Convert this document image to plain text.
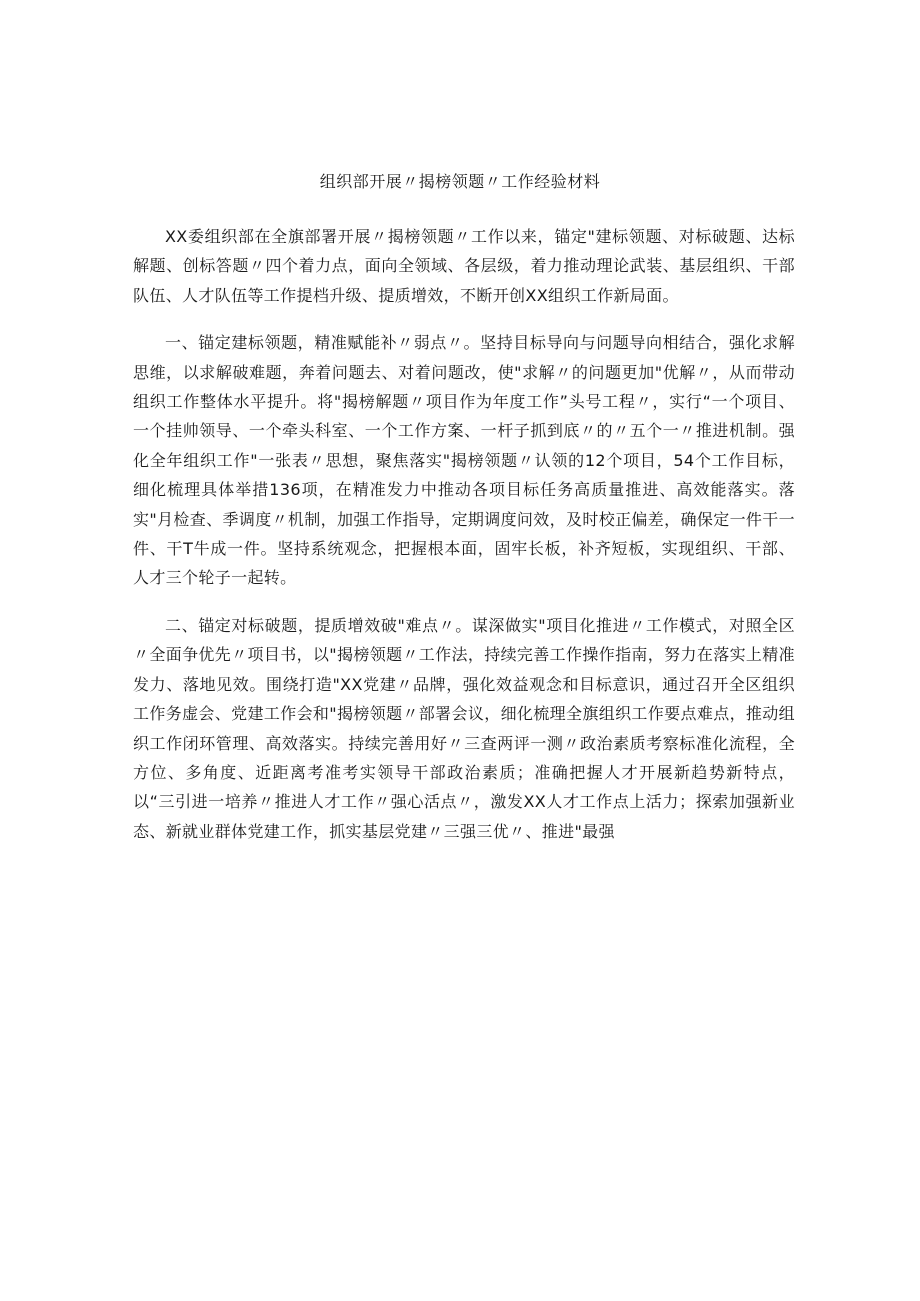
组织部开展〃揭榜领题〃工作经验材料

XX委组织部在全旗部署开展〃揭榜领题〃工作以来，锚定"建标领题、对标破题、达标解题、创标答题〃四个着力点，面向全领域、各层级，着力推动理论武装、基层组织、干部队伍、人才队伍等工作提档升级、提质增效，不断开创XX组织工作新局面。

一、锚定建标领题，精准赋能补〃弱点〃。坚持目标导向与问题导向相结合，强化求解思维，以求解破难题，奔着问题去、对着问题改，使"求解〃的问题更加"优解〃，从而带动组织工作整体水平提升。将"揭榜解题〃项目作为年度工作”头号工程〃，实行“一个项目、一个挂帅领导、一个牵头科室、一个工作方案、一杆子抓到底〃的〃五个一〃推进机制。强化全年组织工作"一张表〃思想，聚焦落实"揭榜领题〃认领的12个项目，54个工作目标，细化梳理具体举措136项，在精准发力中推动各项目标任务高质量推进、高效能落实。落实"月检查、季调度〃机制，加强工作指导，定期调度问效，及时校正偏差，确保定一件干一件、干T牛成一件。坚持系统观念，把握根本面，固牢长板，补齐短板，实现组织、干部、人才三个轮子一起转。

二、锚定对标破题，提质增效破"难点〃。谋深做实"项目化推进〃工作模式，对照全区〃全面争优先〃项目书，以"揭榜领题〃工作法，持续完善工作操作指南，努力在落实上精准发力、落地见效。围绕打造"XX党建〃品牌，强化效益观念和目标意识，通过召开全区组织工作务虚会、党建工作会和"揭榜领题〃部署会议，细化梳理全旗组织工作要点难点，推动组织工作闭环管理、高效落实。持续完善用好〃三查两评一测〃政治素质考察标准化流程，全方位、多角度、近距离考准考实领导干部政治素质；准确把握人才开展新趋势新特点，以“三引进一培养〃推进人才工作〃强心活点〃，激发XX人才工作点上活力；探索加强新业态、新就业群体党建工作，抓实基层党建〃三强三优〃、推进"最强
